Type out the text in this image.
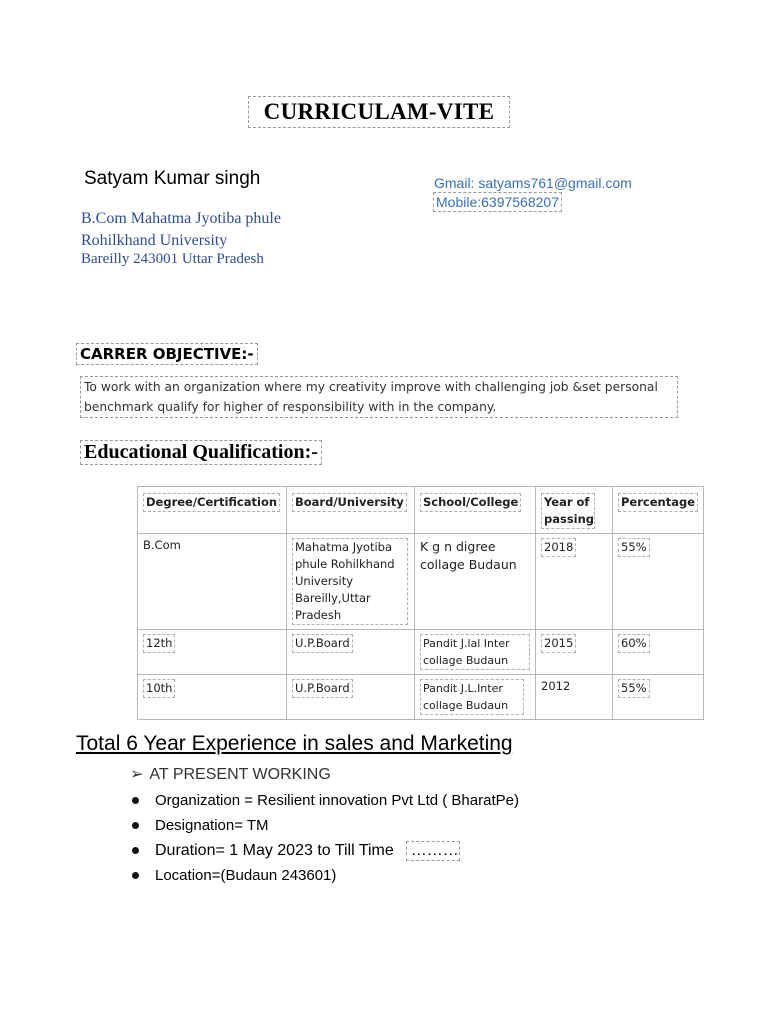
CURRICULAM-VITE
Satyam Kumar singh	Gmail: satyams761@gmail.com
Mobile:6397568207
B.Com Mahatma Jyotiba phule
Rohilkhand University
Bareilly 243001 Uttar Pradesh
CARRER OBJECTIVE:-
To work with an organization where my creativity improve with challenging job &set personal benchmark qualify for higher of responsibility with in the company.
Educational Qualification:-
Degree/Certification	Board/University	School/College	Year of passing	Percentage
B.Com	Mahatma Jyotiba phule Rohilkhand University Bareilly,Uttar Pradesh	K g n digree collage Budaun	2018	55%
12th	U.P.Board	Pandit J.lal Inter collage Budaun	2015	60%
10th	U.P.Board	Pandit J.L.Inter collage Budaun	2012	55%
Total 6 Year Experience in sales and Marketing
➢ AT PRESENT WORKING
Organization = Resilient innovation Pvt Ltd ( BharatPe)
Designation= TM
Duration= 1 May 2023 to Till Time	………
Location=(Budaun 243601)
